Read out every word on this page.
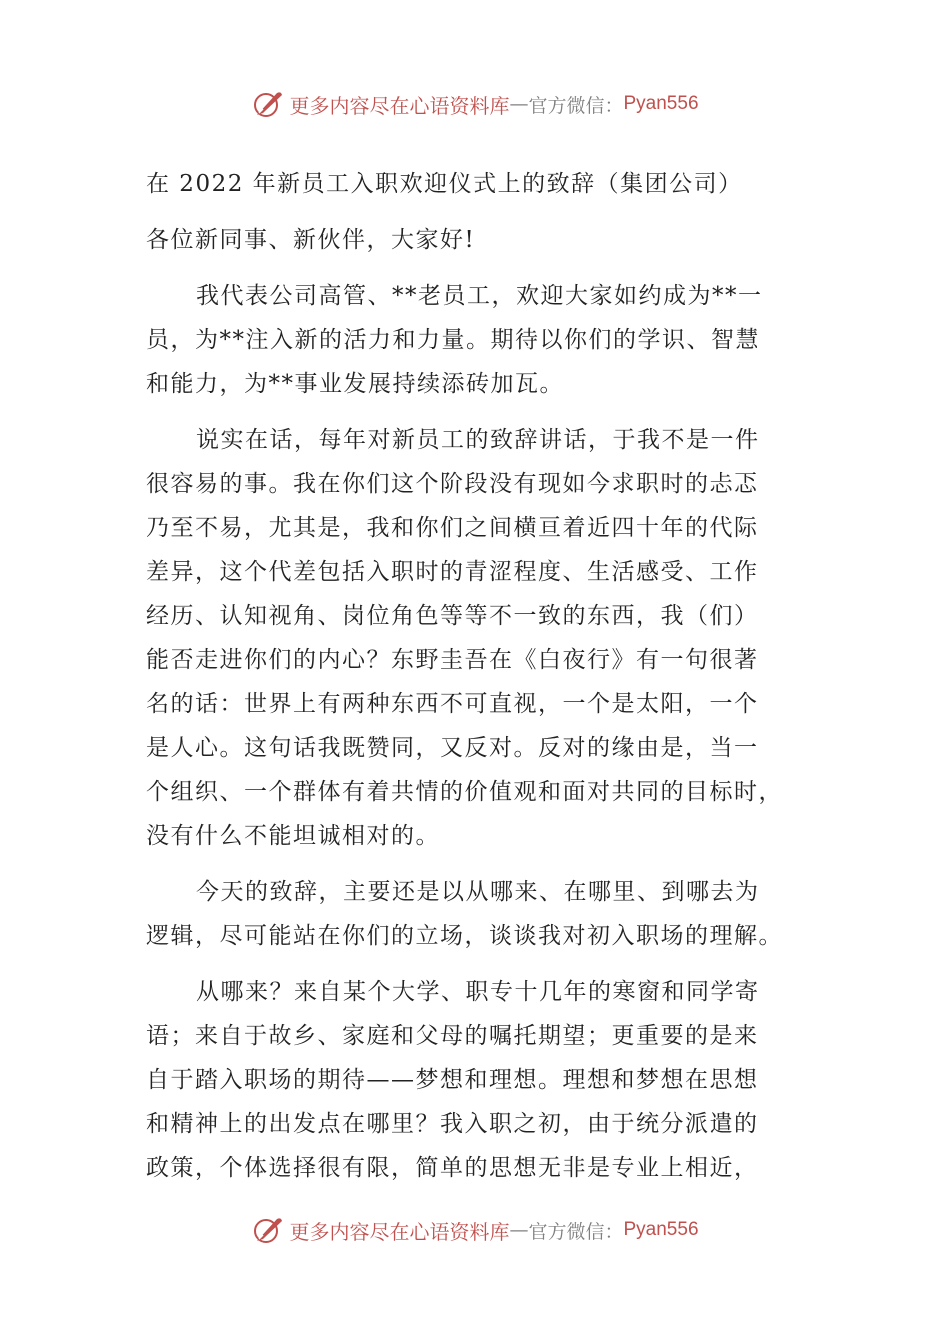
更多内容尽在心语资料库 — 官方微信： Pyan556
在 2022 年新员工入职欢迎仪式上的致辞（集团公司）
各位新同事、新伙伴，大家好!
我代表公司高管、**老员工，欢迎大家如约成为**一
员，为**注入新的活力和力量。期待以你们的学识、智慧
和能力，为**事业发展持续添砖加瓦。
说实在话，每年对新员工的致辞讲话，于我不是一件
很容易的事。我在你们这个阶段没有现如今求职时的忐忑
乃至不易，尤其是，我和你们之间横亘着近四十年的代际
差异，这个代差包括入职时的青涩程度、生活感受、工作
经历、认知视角、岗位角色等等不一致的东西，我（们）
能否走进你们的内心？东野圭吾在《白夜行》有一句很著
名的话：世界上有两种东西不可直视，一个是太阳，一个
是人心。这句话我既赞同，又反对。反对的缘由是，当一
个组织、一个群体有着共情的价值观和面对共同的目标时，
没有什么不能坦诚相对的。
今天的致辞，主要还是以从哪来、在哪里、到哪去为
逻辑，尽可能站在你们的立场，谈谈我对初入职场的理解。
从哪来？来自某个大学、职专十几年的寒窗和同学寄
语；来自于故乡、家庭和父母的嘱托期望；更重要的是来
自于踏入职场的期待——梦想和理想。理想和梦想在思想
和精神上的出发点在哪里？我入职之初，由于统分派遣的
政策，个体选择很有限，简单的思想无非是专业上相近，
更多内容尽在心语资料库 — 官方微信： Pyan556
